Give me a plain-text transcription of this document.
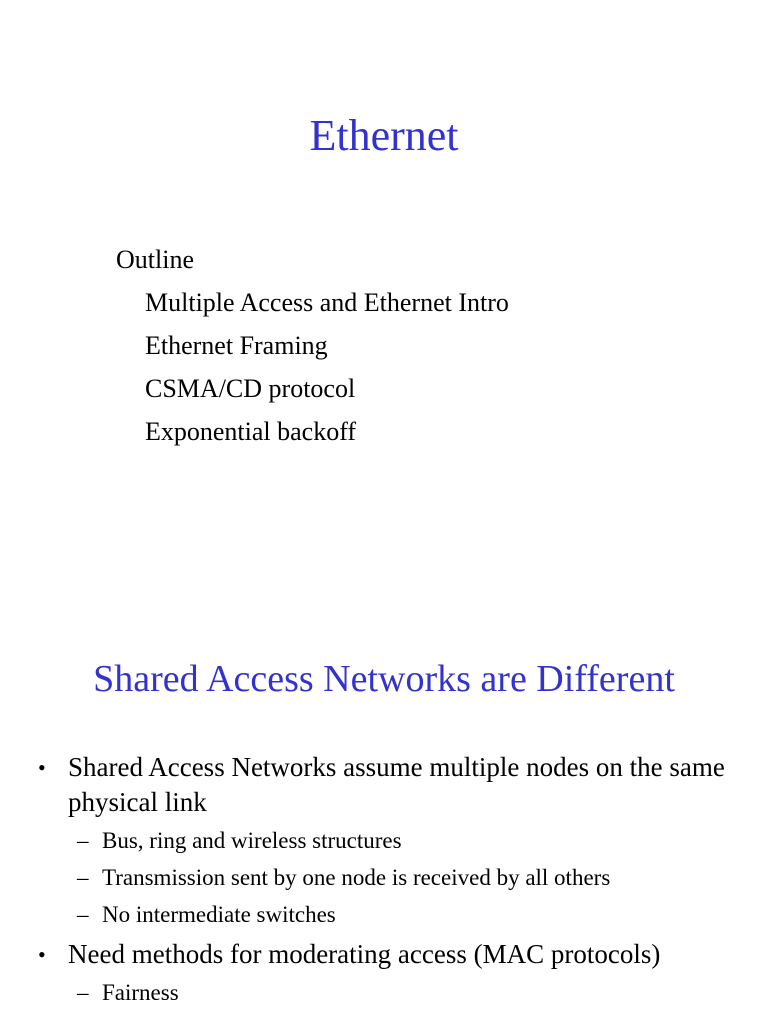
Ethernet
Outline
Multiple Access and Ethernet Intro
Ethernet Framing
CSMA/CD protocol
Exponential backoff
Shared Access Networks are Different
• Shared Access Networks assume multiple nodes on the same physical link
– Bus, ring and wireless structures
– Transmission sent by one node is received by all others
– No intermediate switches
• Need methods for moderating access (MAC protocols)
– Fairness
